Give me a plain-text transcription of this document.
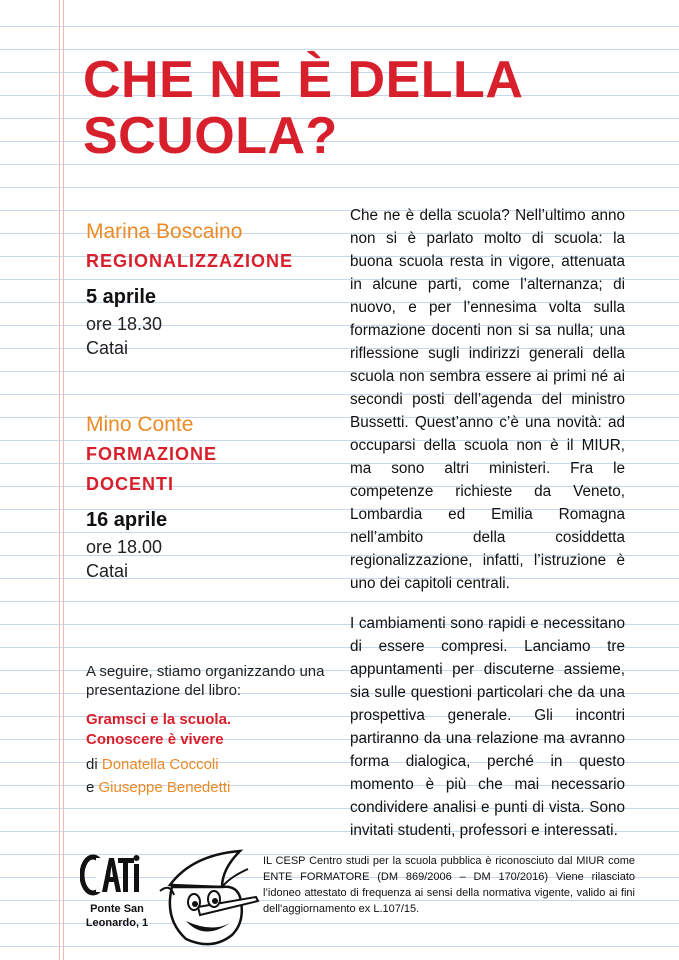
CHE NE È DELLA SCUOLA?

Marina Boscaino

REGIONALIZZAZIONE

5 aprile

ore 18.30

Catai

Mino Conte

FORMAZIONE

DOCENTI

16 aprile

ore 18.00

Catai

A seguire, stiamo organizzando una presentazione del libro:
Gramsci e la scuola.
Conoscere è vivere
di Donatella Coccoli
e Giuseppe Benedetti

Che ne è della scuola? Nell’ultimo anno non si è parlato molto di scuola: la buona scuola resta in vigore, attenuata in alcune parti, come l’alternanza; di nuovo, e per l’ennesima volta sulla formazione docenti non si sa nulla; una riflessione sugli indirizzi generali della scuola non sembra essere ai primi né ai secondi posti dell’agenda del ministro Bussetti. Quest’anno c’è una novità: ad occuparsi della scuola non è il MIUR, ma sono altri ministeri. Fra le competenze richieste da Veneto, Lombardia ed Emilia Romagna nell’ambito della cosiddetta regionalizzazione, infatti, l’istruzione è uno dei capitoli centrali.

I cambiamenti sono rapidi e necessitano di essere compresi. Lanciamo tre appuntamenti per discuterne assieme, sia sulle questioni particolari che da una prospettiva generale. Gli incontri partiranno da una relazione ma avranno forma dialogica, perché in questo momento è più che mai necessario condividere analisi e punti di vista. Sono invitati studenti, professori e interessati.

Ponte San
Leonardo, 1
IL CESP Centro studi per la scuola pubblica è riconosciuto dal MIUR come ENTE FORMATORE (DM 869/2006 – DM 170/2016) Viene rilasciato l’idoneo attestato di frequenza ai sensi della normativa vigente, valido ai fini dell'aggiornamento ex L.107/15.
